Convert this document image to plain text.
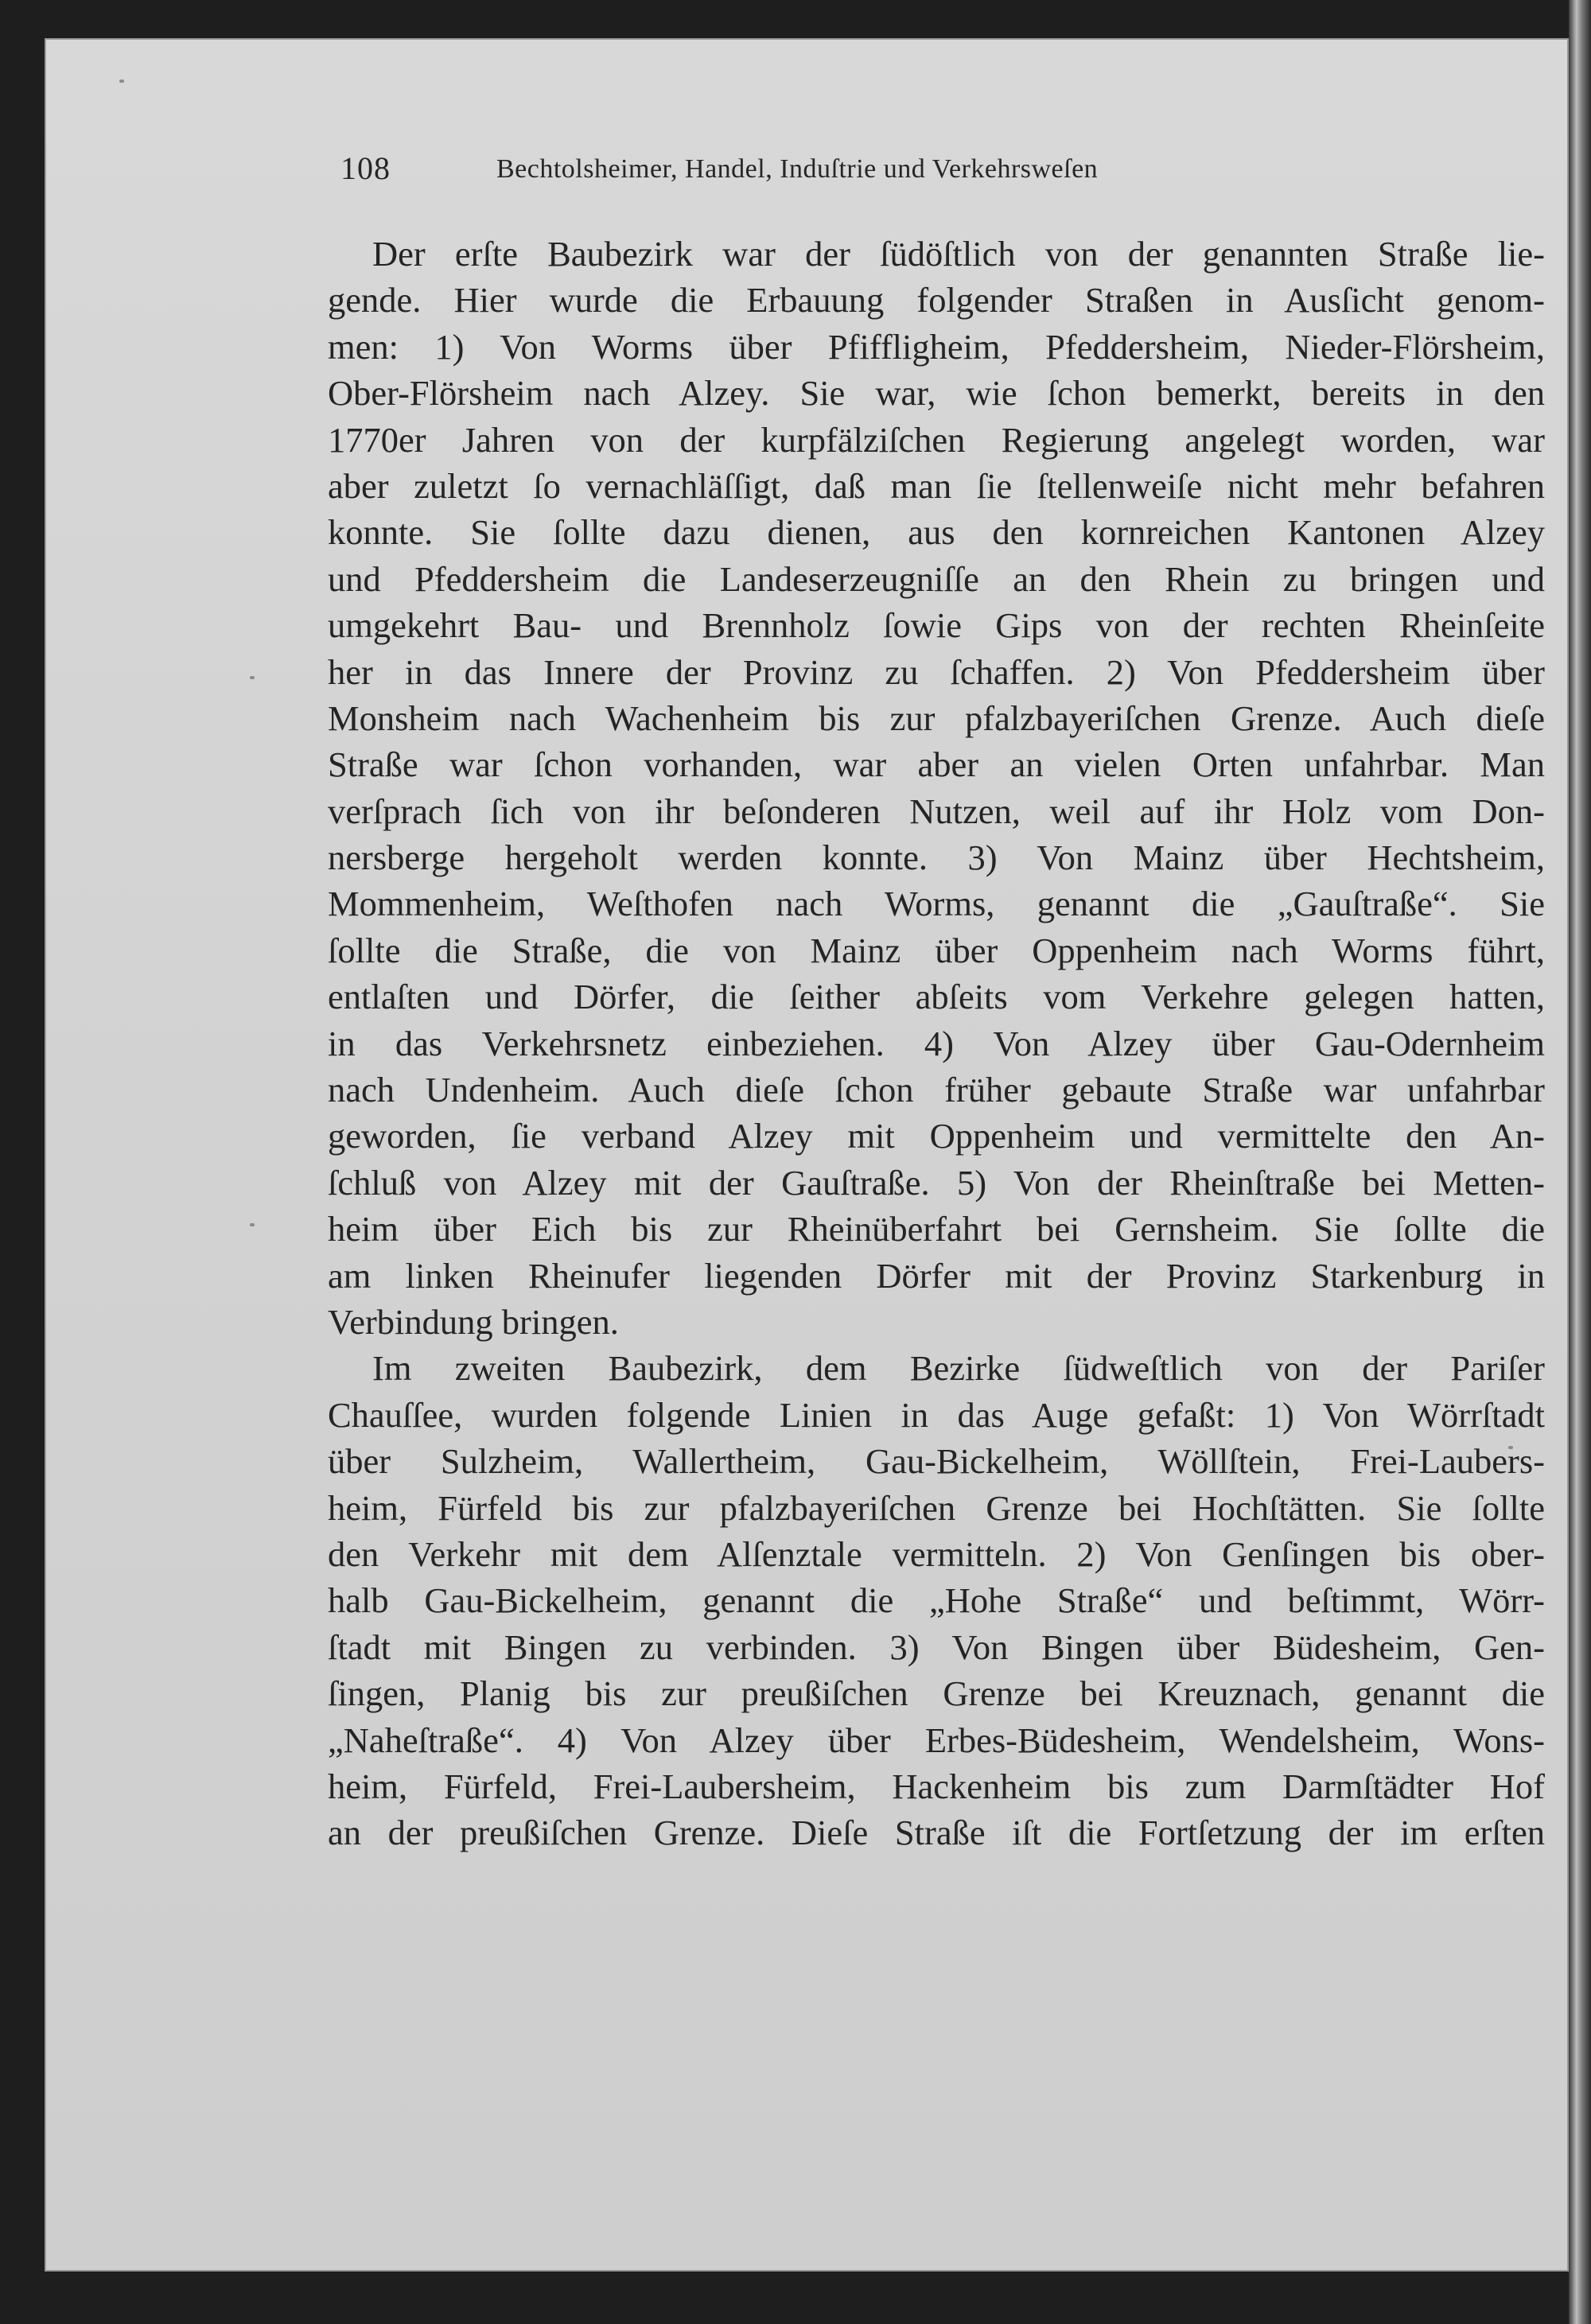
108	Bechtolsheimer, Handel, Induſtrie und Verkehrsweſen
Der erſte Baubezirk war der ſüdöſtlich von der genannten Straße lie-
gende. Hier wurde die Erbauung folgender Straßen in Ausſicht genom-
men: 1) Von Worms über Pfiffligheim, Pfeddersheim, Nieder-Flörsheim,
Ober-Flörsheim nach Alzey. Sie war, wie ſchon bemerkt, bereits in den
1770er Jahren von der kurpfälziſchen Regierung angelegt worden, war
aber zuletzt ſo vernachläſſigt, daß man ſie ſtellenweiſe nicht mehr befahren
konnte. Sie ſollte dazu dienen, aus den kornreichen Kantonen Alzey
und Pfeddersheim die Landeserzeugniſſe an den Rhein zu bringen und
umgekehrt Bau- und Brennholz ſowie Gips von der rechten Rheinſeite
her in das Innere der Provinz zu ſchaffen. 2) Von Pfeddersheim über
Monsheim nach Wachenheim bis zur pfalzbayeriſchen Grenze. Auch dieſe
Straße war ſchon vorhanden, war aber an vielen Orten unfahrbar. Man
verſprach ſich von ihr beſonderen Nutzen, weil auf ihr Holz vom Don-
nersberge hergeholt werden konnte. 3) Von Mainz über Hechtsheim,
Mommenheim, Weſthofen nach Worms, genannt die „Gauſtraße“. Sie
ſollte die Straße, die von Mainz über Oppenheim nach Worms führt,
entlaſten und Dörfer, die ſeither abſeits vom Verkehre gelegen hatten,
in das Verkehrsnetz einbeziehen. 4) Von Alzey über Gau-Odernheim
nach Undenheim. Auch dieſe ſchon früher gebaute Straße war unfahrbar
geworden, ſie verband Alzey mit Oppenheim und vermittelte den An-
ſchluß von Alzey mit der Gauſtraße. 5) Von der Rheinſtraße bei Metten-
heim über Eich bis zur Rheinüberfahrt bei Gernsheim. Sie ſollte die
am linken Rheinufer liegenden Dörfer mit der Provinz Starkenburg in
Verbindung bringen.
Im zweiten Baubezirk, dem Bezirke ſüdweſtlich von der Pariſer
Chauſſee, wurden folgende Linien in das Auge gefaßt: 1) Von Wörrſtadt
über Sulzheim, Wallertheim, Gau-Bickelheim, Wöllſtein, Frei-Laubers-
heim, Fürfeld bis zur pfalzbayeriſchen Grenze bei Hochſtätten. Sie ſollte
den Verkehr mit dem Alſenztale vermitteln. 2) Von Genſingen bis ober-
halb Gau-Bickelheim, genannt die „Hohe Straße“ und beſtimmt, Wörr-
ſtadt mit Bingen zu verbinden. 3) Von Bingen über Büdesheim, Gen-
ſingen, Planig bis zur preußiſchen Grenze bei Kreuznach, genannt die
„Naheſtraße“. 4) Von Alzey über Erbes-Büdesheim, Wendelsheim, Wons-
heim, Fürfeld, Frei-Laubersheim, Hackenheim bis zum Darmſtädter Hof
an der preußiſchen Grenze. Dieſe Straße iſt die Fortſetzung der im erſten
